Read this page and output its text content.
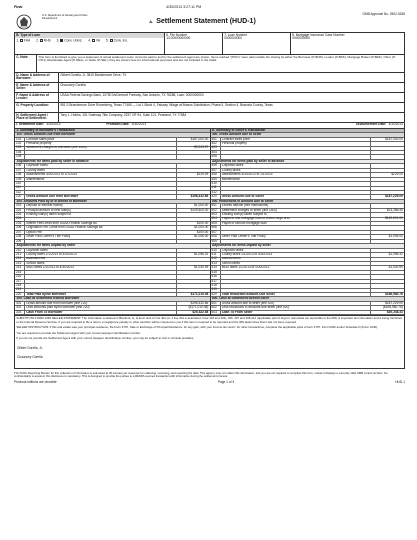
Final	4/30/2013 3:27:11 PM
U.S. Department of Housing and Urban Development
A. Settlement Statement (HUD-1)
OMB Approval No. 2502-0265
B. Type of Loan
1. FHA 2. RHS 3. Conv. Unins. 4. VA 5. Conv. Ins.
6. File Number
13-00000000000
7. Loan Number
0000000000
8. Mortgage Insurance Case Number
0000000000
C. Note:	This form is furnished to give you a statement of actual settlement costs. Amounts paid to and by the settlement agent are shown. Items marked "(POC)" were paid outside the closing by either the Borrower (P-BOR), Lender (P-BRK), Mortgage Broker (P-BRK), Other (P-OTH), Real Estate Agent (P-REA), or Seller (P-SEL); they are shown here for informational purposes and are not included in the totals.
D. Name & Address of Borrower:
Gilbert Gorella, Jr. 3815 Brandemore Drive, TX
E. Name & Address of Seller:
Chauncey Gorella
F. Name & Address of Lender:
USAA Federal Savings Bank, 10750 McDermott Freeway, San Antonio, TX 78288, Loan: 0000000000
G. Property Location:	951 S Brandemore Drive Rosenberg, Texas 77469 — Lot 1 Block 4, Fairway Village at Brazos Subdivision, Phase II, Section 4, Brazoria County, Texas
H. Settlement Agent / Place of Settlement:
Tony L. Hobbs, 151 Gateway Title Company, 2257 CR 94, Suite 101, Pearland, TX 77584
I. Settlement Date: 4/30/2013	Proration Date: 4/30/2013	Disbursement Date: 4/30/2013
J. Summary of Borrower's Transaction
100. Gross Amount Due from Borrower
101	Contract sales price	$187,000.00
102	Personal property
103	Settlement charges to borrower (line 1400)	$9,203.57
104
105
Adjustments for items paid by seller in advance
106	City/town taxes
107	County taxes
108	Assessments 4/30/2013 to 1/1/2014	$229.09
109	Maintenance
110
111
112
120	Gross Amount Due from Borrower	$196,432.66
200. Amounts Paid by or in Behalf of Borrower
201	Deposit or earnest money	$1,000.00
202	Principal amount of new loan(s)	$149,600.00
203	Existing loan(s) taken subject to
204
205	Interim Fee/Credit from USAA Federal Savings Bk	$100.00
206	Origination Fee Credit from USAA Federal Savings Bk	$1,000.00
207	Option Fee	$100.00
208	Seller Paid Owner's Title Policy	$1,006.00
209
Adjustments for items unpaid by seller
210	City/town taxes
211	County taxes 1/1/2013 to 4/30/2013	$1,056.32
212	Assessments
213	School taxes
214	MUD taxes 1/1/2013 to 4/30/2013	$1,030.99
215
216
217
218
219
220	Total Paid by/for Borrower	$171,010.08
300. Cash at Settlement from/to Borrower
301	Gross amount due from borrower (line 120)	$196,432.66
302	Less amounts paid by/for borrower (line 220)	($171,010.08)
303	Cash From To Borrower	$25,422.58
K. Summary of Seller's Transaction
400. Gross Amount Due to Seller
401	Contract sales price	$187,000.00
402	Personal property
403
404
405
Adjustments for items paid by seller in advance
406	City/town taxes
407	County taxes
408	Assessments 4/30/2013 to 1/1/2014	$229.09
409	Maintenance
410
411
412
420	Gross Amount Due to Seller	$187,229.09
500. Reductions In Amount Due to Seller
501	Excess deposit (see instructions)
502	Settlement charges to seller (line 1400)	$13,286.45
503	Existing loan(s) taken subject to
504	Payoff of first mortgage loan to Wells Fargo 5/11	$149,601.00
505	Payoff of second mortgage loan
506
507
508	Seller Paid Owner's Title Policy	$1,006.00
509
Adjustments for items unpaid by seller
510	City/town taxes
511	County taxes 1/1/2013 to 4/30/2013	$1,056.32
512	Assessments
513	School taxes
514	MUD taxes 1/1/2013 to 4/30/2013	$1,030.99
515
516
517
518
519
520	Total Reduction Amount Due Seller	$166,980.76
600. Cash at Settlement to/from Seller
601	Gross amount due to seller (line 420)	$187,229.09
602	Less reductions in amounts due seller (line 520)	($166,980.76)
603	Cash To From Seller	$20,248.33
SUBSTITUTE FORM 1099 SELLER STATEMENT: The information contained in Blocks E, G, H and I and on line 401 (or, if line 401 is asterisked, lines 403 and 404), 406, 407 and 408-412 (applicable part of buyer's real estate tax reportable to the IRS) is important tax information and is being furnished to the Internal Revenue Service. If you are required to file a return, a negligence penalty or other sanction will be imposed on you if this item is required to be reported and the IRS determines that it has not been reported.
SELLER INSTRUCTION: If this real estate was your principal residence, file Form 4797, Sale or Exchange of Principal Residence, for any gain, with your income tax return; for other transactions, complete the applicable parts of form 4797, Form 6252 and/or Schedule D (Form 1040).
You are required to provide the Settlement Agent with your correct taxpayer identification number.
If you do not provide the Settlement Agent with your correct taxpayer identification number, you may be subject to civil or criminal penalties.
Gilbert Gorella, Jr.
Chauncey Gorella
The Public Reporting Burden for this collection of information is estimated at 35 minutes per response for collecting, reviewing, and reporting the data. This agency may not collect this information, and you are not required to complete this form, unless it displays a currently valid OMB control number. No confidentiality is assured; this disclosure is mandatory. This is designed to provide the parties to a RESPA covered transaction with information during the settlement process.
Previous editions are obsolete	Page 1 of 3	HUD-1
